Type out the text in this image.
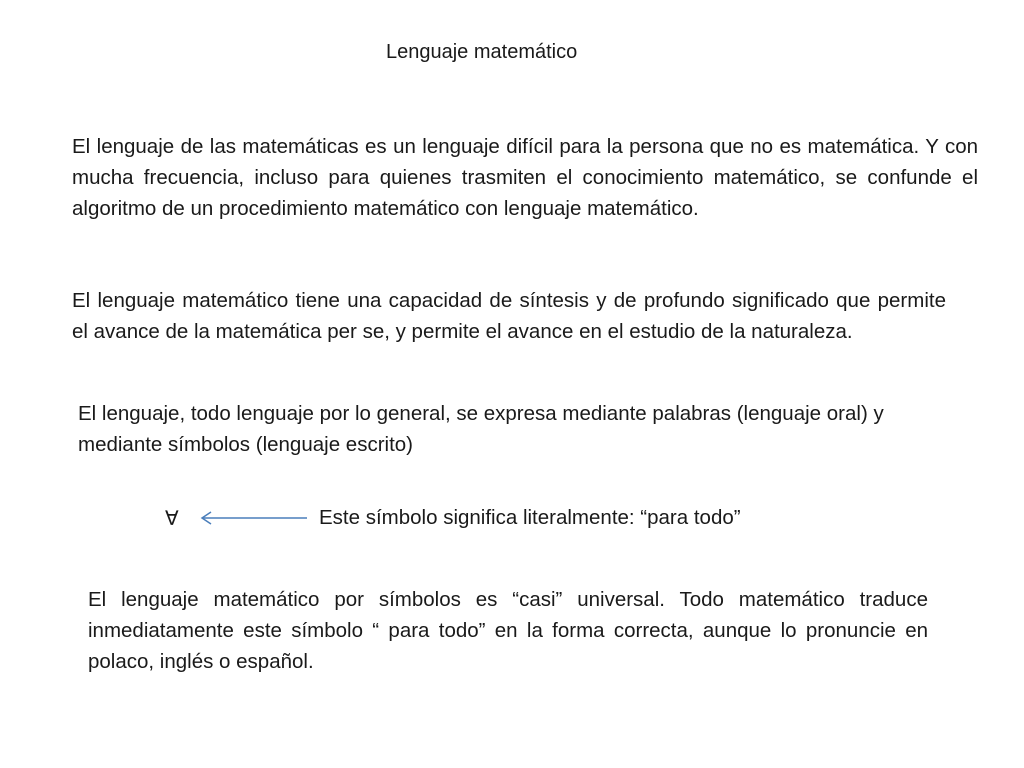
Lenguaje matemático

El lenguaje de las matemáticas es un lenguaje difícil para la persona que no es matemática. Y con mucha frecuencia, incluso para quienes trasmiten el conocimiento matemático, se confunde el algoritmo de un procedimiento matemático con lenguaje matemático.

El lenguaje matemático tiene una capacidad de síntesis y de profundo significado que permite el avance de la matemática per se, y permite el avance en el estudio de la naturaleza.

El lenguaje, todo lenguaje por lo general, se expresa mediante palabras (lenguaje oral) y mediante símbolos (lenguaje escrito)

∀	Este símbolo significa literalmente: “para todo”

El lenguaje matemático por símbolos es “casi” universal. Todo matemático traduce inmediatamente este símbolo “ para todo” en la forma correcta, aunque lo pronuncie en polaco, inglés o español.
